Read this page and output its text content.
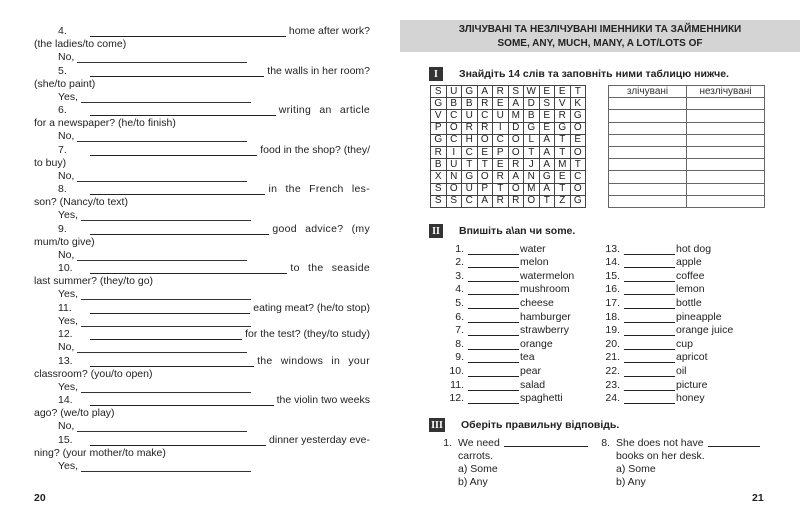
20
4.	home after work?
(the ladies/to come)
No,
5.	the walls in her room?
(she/to paint)
Yes,
6.	writing an article
for a newspaper? (he/to finish)
No,
7.	food in the shop? (they/
to buy)
No,
8.	in the French les-
son? (Nancy/to text)
Yes,
9.	good advice? (my
mum/to give)
No,
10.	to the seaside
last summer? (they/to go)
Yes,
11.	eating meat? (he/to stop)
Yes,
12.	for the test? (they/to study)
No,
13.	the windows in your
classroom? (you/to open)
Yes,
14.	the violin two weeks
ago? (we/to play)
No,
15.	dinner yesterday eve-
ning? (your mother/to make)
Yes,
ЗЛІЧУВАНІ ТА НЕЗЛІЧУВАНІ ІМЕННИКИ ТА ЗАЙМЕННИКИ
SOME, ANY, MUCH, MANY, A LOT/LOTS OF
I	Знайдіть 14 слів та заповніть ними таблицю нижче.
S	U	G	A	R	S	W	E	E	T
G	B	B	R	E	A	D	S	V	K
V	C	U	C	U	M	B	E	R	G
P	O	R	R	I	D	G	E	G	O
G	C	H	O	C	O	L	A	T	E
R	I	C	E	P	O	T	A	T	O
B	U	T	T	E	R	J	A	M	T
X	N	G	O	R	A	N	G	E	C
S	O	U	P	T	O	M	A	T	O
S	S	C	A	R	R	O	T	Z	G
злічувані	незлічувані

II Впишіть a\an чи some.
1.	water
2.	melon
3.	watermelon
4.	mushroom
5.	cheese
6.	hamburger
7.	strawberry
8.	orange
9.	tea
10.	pear
11.	salad
12.	spaghetti
13.	hot dog
14.	apple
15.	coffee
16.	lemon
17.	bottle
18.	pineapple
19.	orange juice
20.	cup
21.	apricot
22.	oil
23.	picture
24.	honey
III Оберіть правильну відповідь.
1. We need
carrots.
a) Some
b) Any
8. She does not have
books on her desk.
a) Some
b) Any
21
